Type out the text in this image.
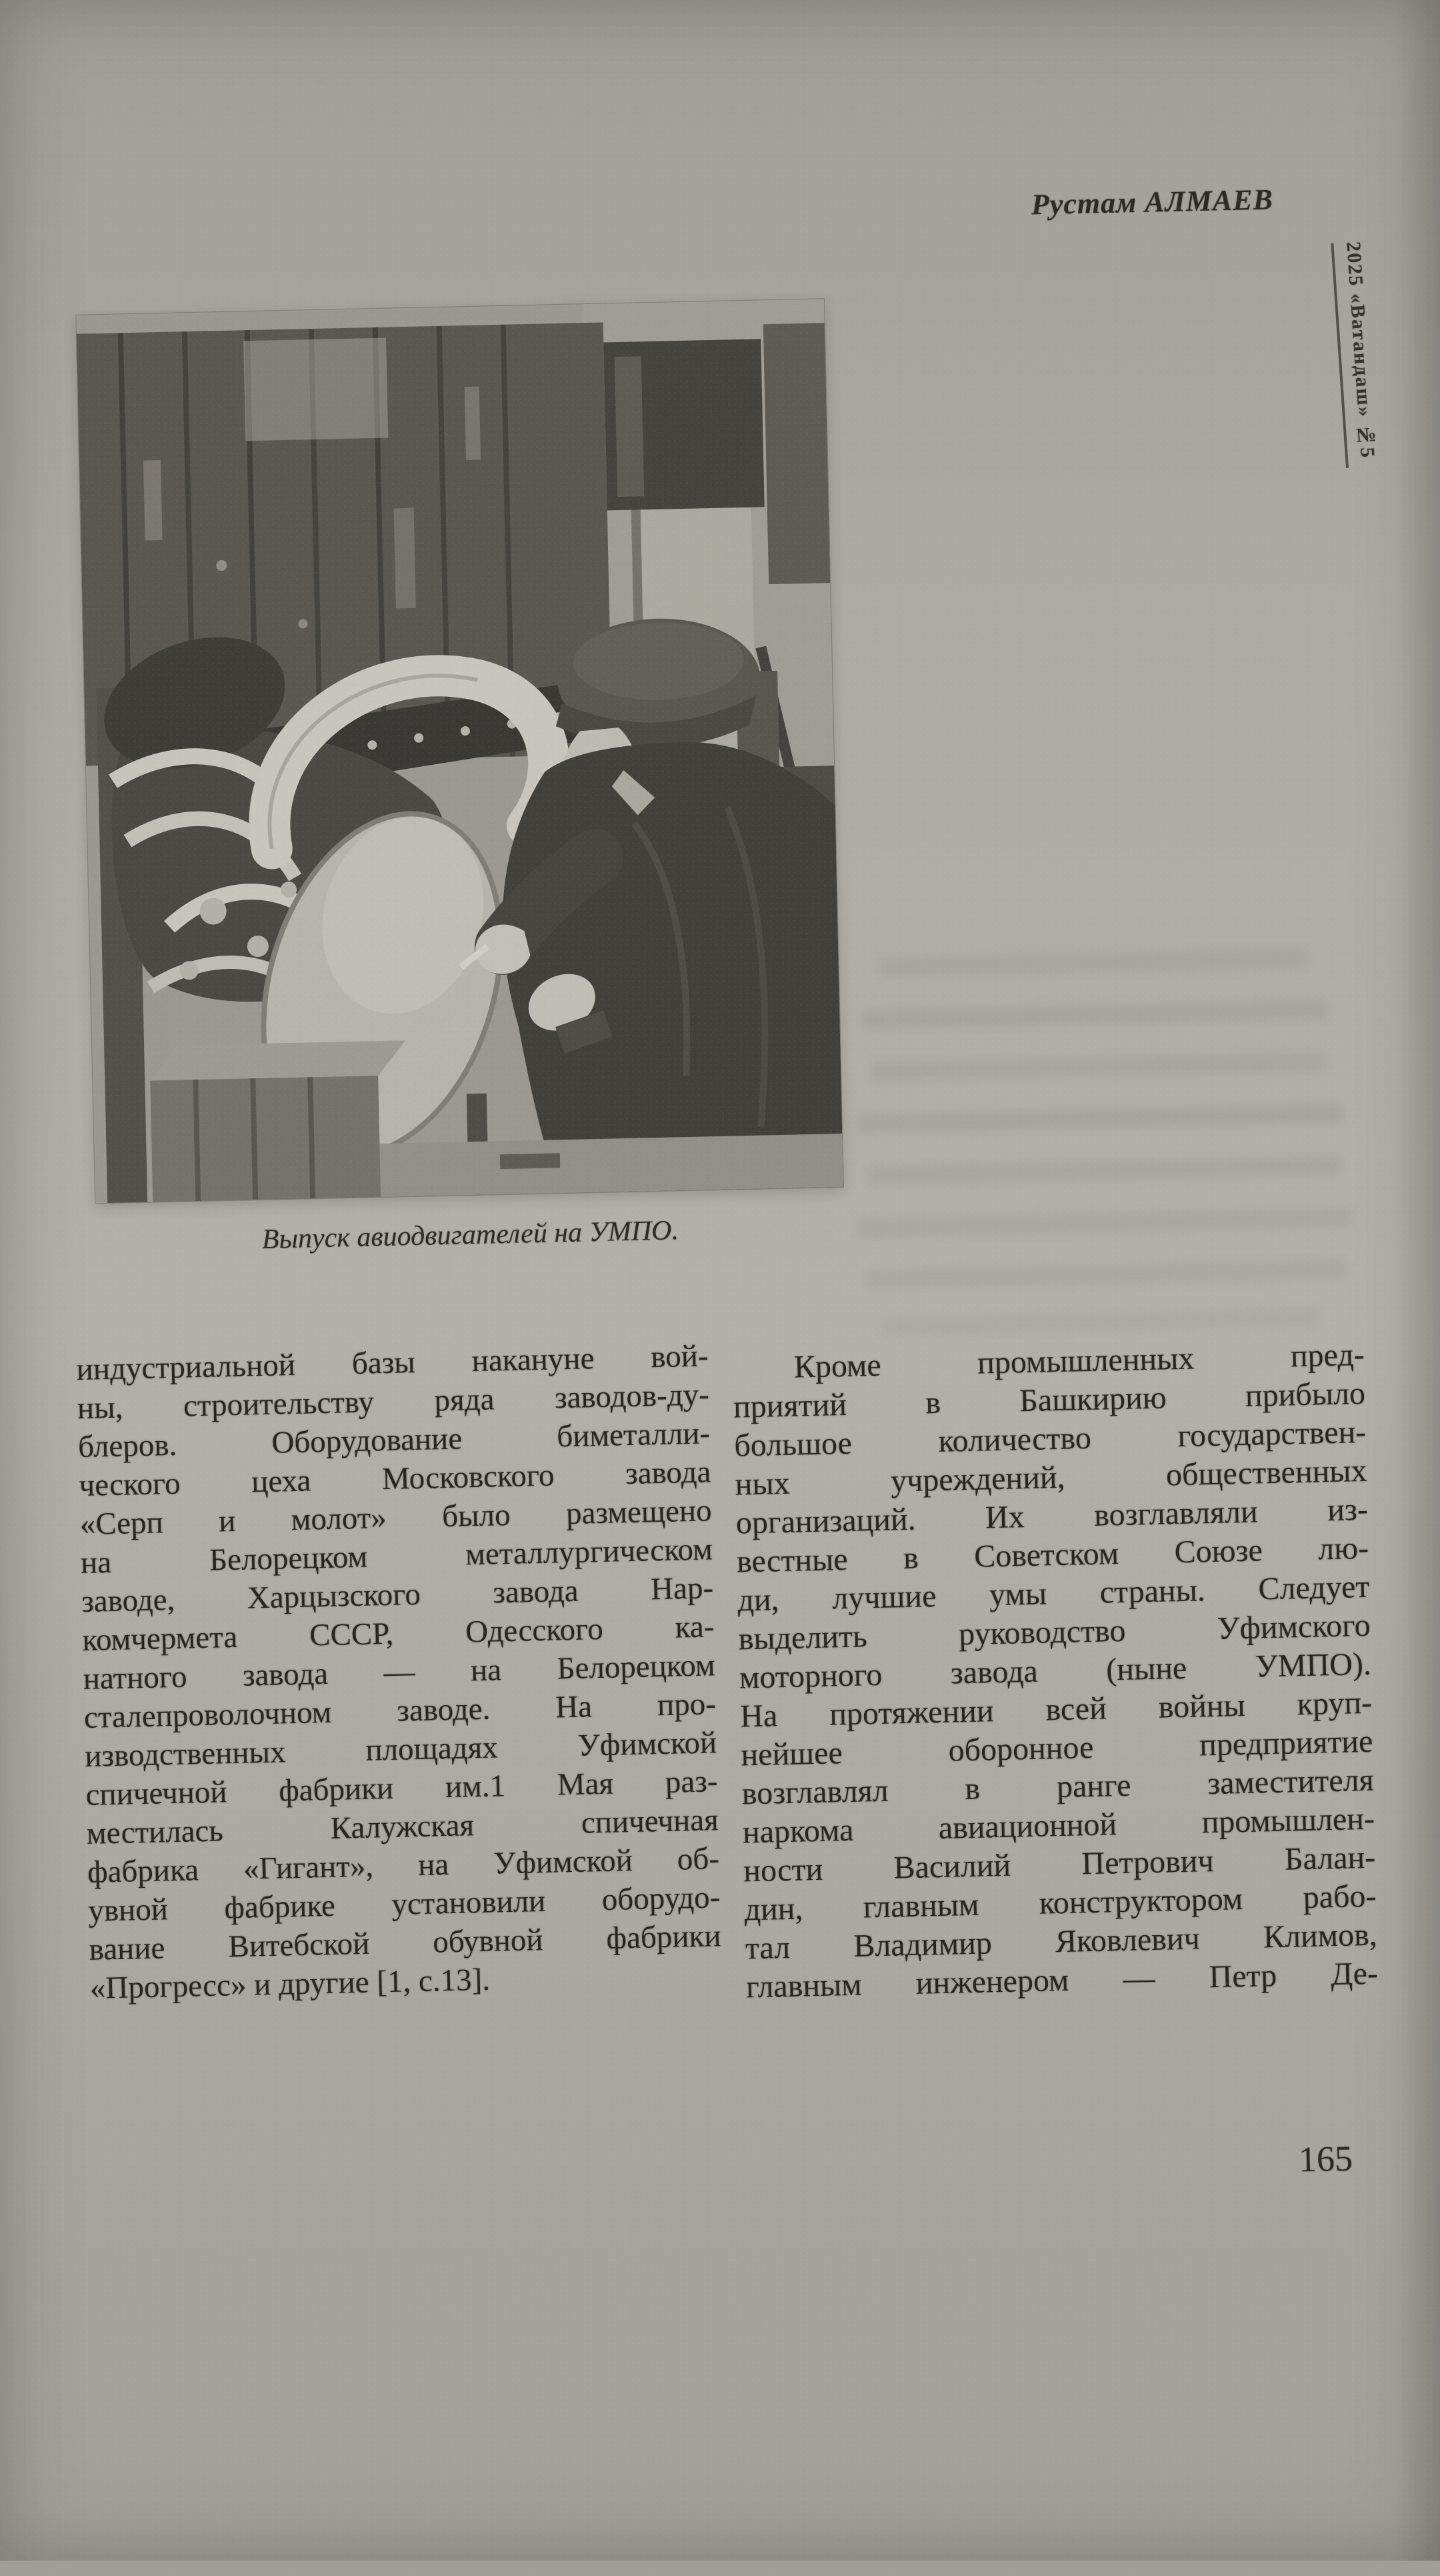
Рустам АЛМАЕВ
2025 «Ватандаш» №5
Выпуск авиодвигателей на УМПО.
индустриальной базы накануне вой-
ны, строительству ряда заводов-ду-
блеров. Оборудование биметалли-
ческого цеха Московского завода
«Серп и молот» было размещено
на Белорецком металлургическом
заводе, Харцызского завода Нар-
комчермета СССР, Одесского ка-
натного завода — на Белорецком
сталепроволочном заводе. На про-
изводственных площадях Уфимской
спичечной фабрики им.1 Мая раз-
местилась Калужская спичечная
фабрика «Гигант», на Уфимской об-
увной фабрике установили оборудо-
вание Витебской обувной фабрики
«Прогресс» и другие [1, с.13].
Кроме промышленных пред-
приятий в Башкирию прибыло
большое количество государствен-
ных учреждений, общественных
организаций. Их возглавляли из-
вестные в Советском Союзе лю-
ди, лучшие умы страны. Следует
выделить руководство Уфимского
моторного завода (ныне УМПО).
На протяжении всей войны круп-
нейшее оборонное предприятие
возглавлял в ранге заместителя
наркома авиационной промышлен-
ности Василий Петрович Балан-
дин, главным конструктором рабо-
тал Владимир Яковлевич Климов,
главным инженером — Петр Де-
165
